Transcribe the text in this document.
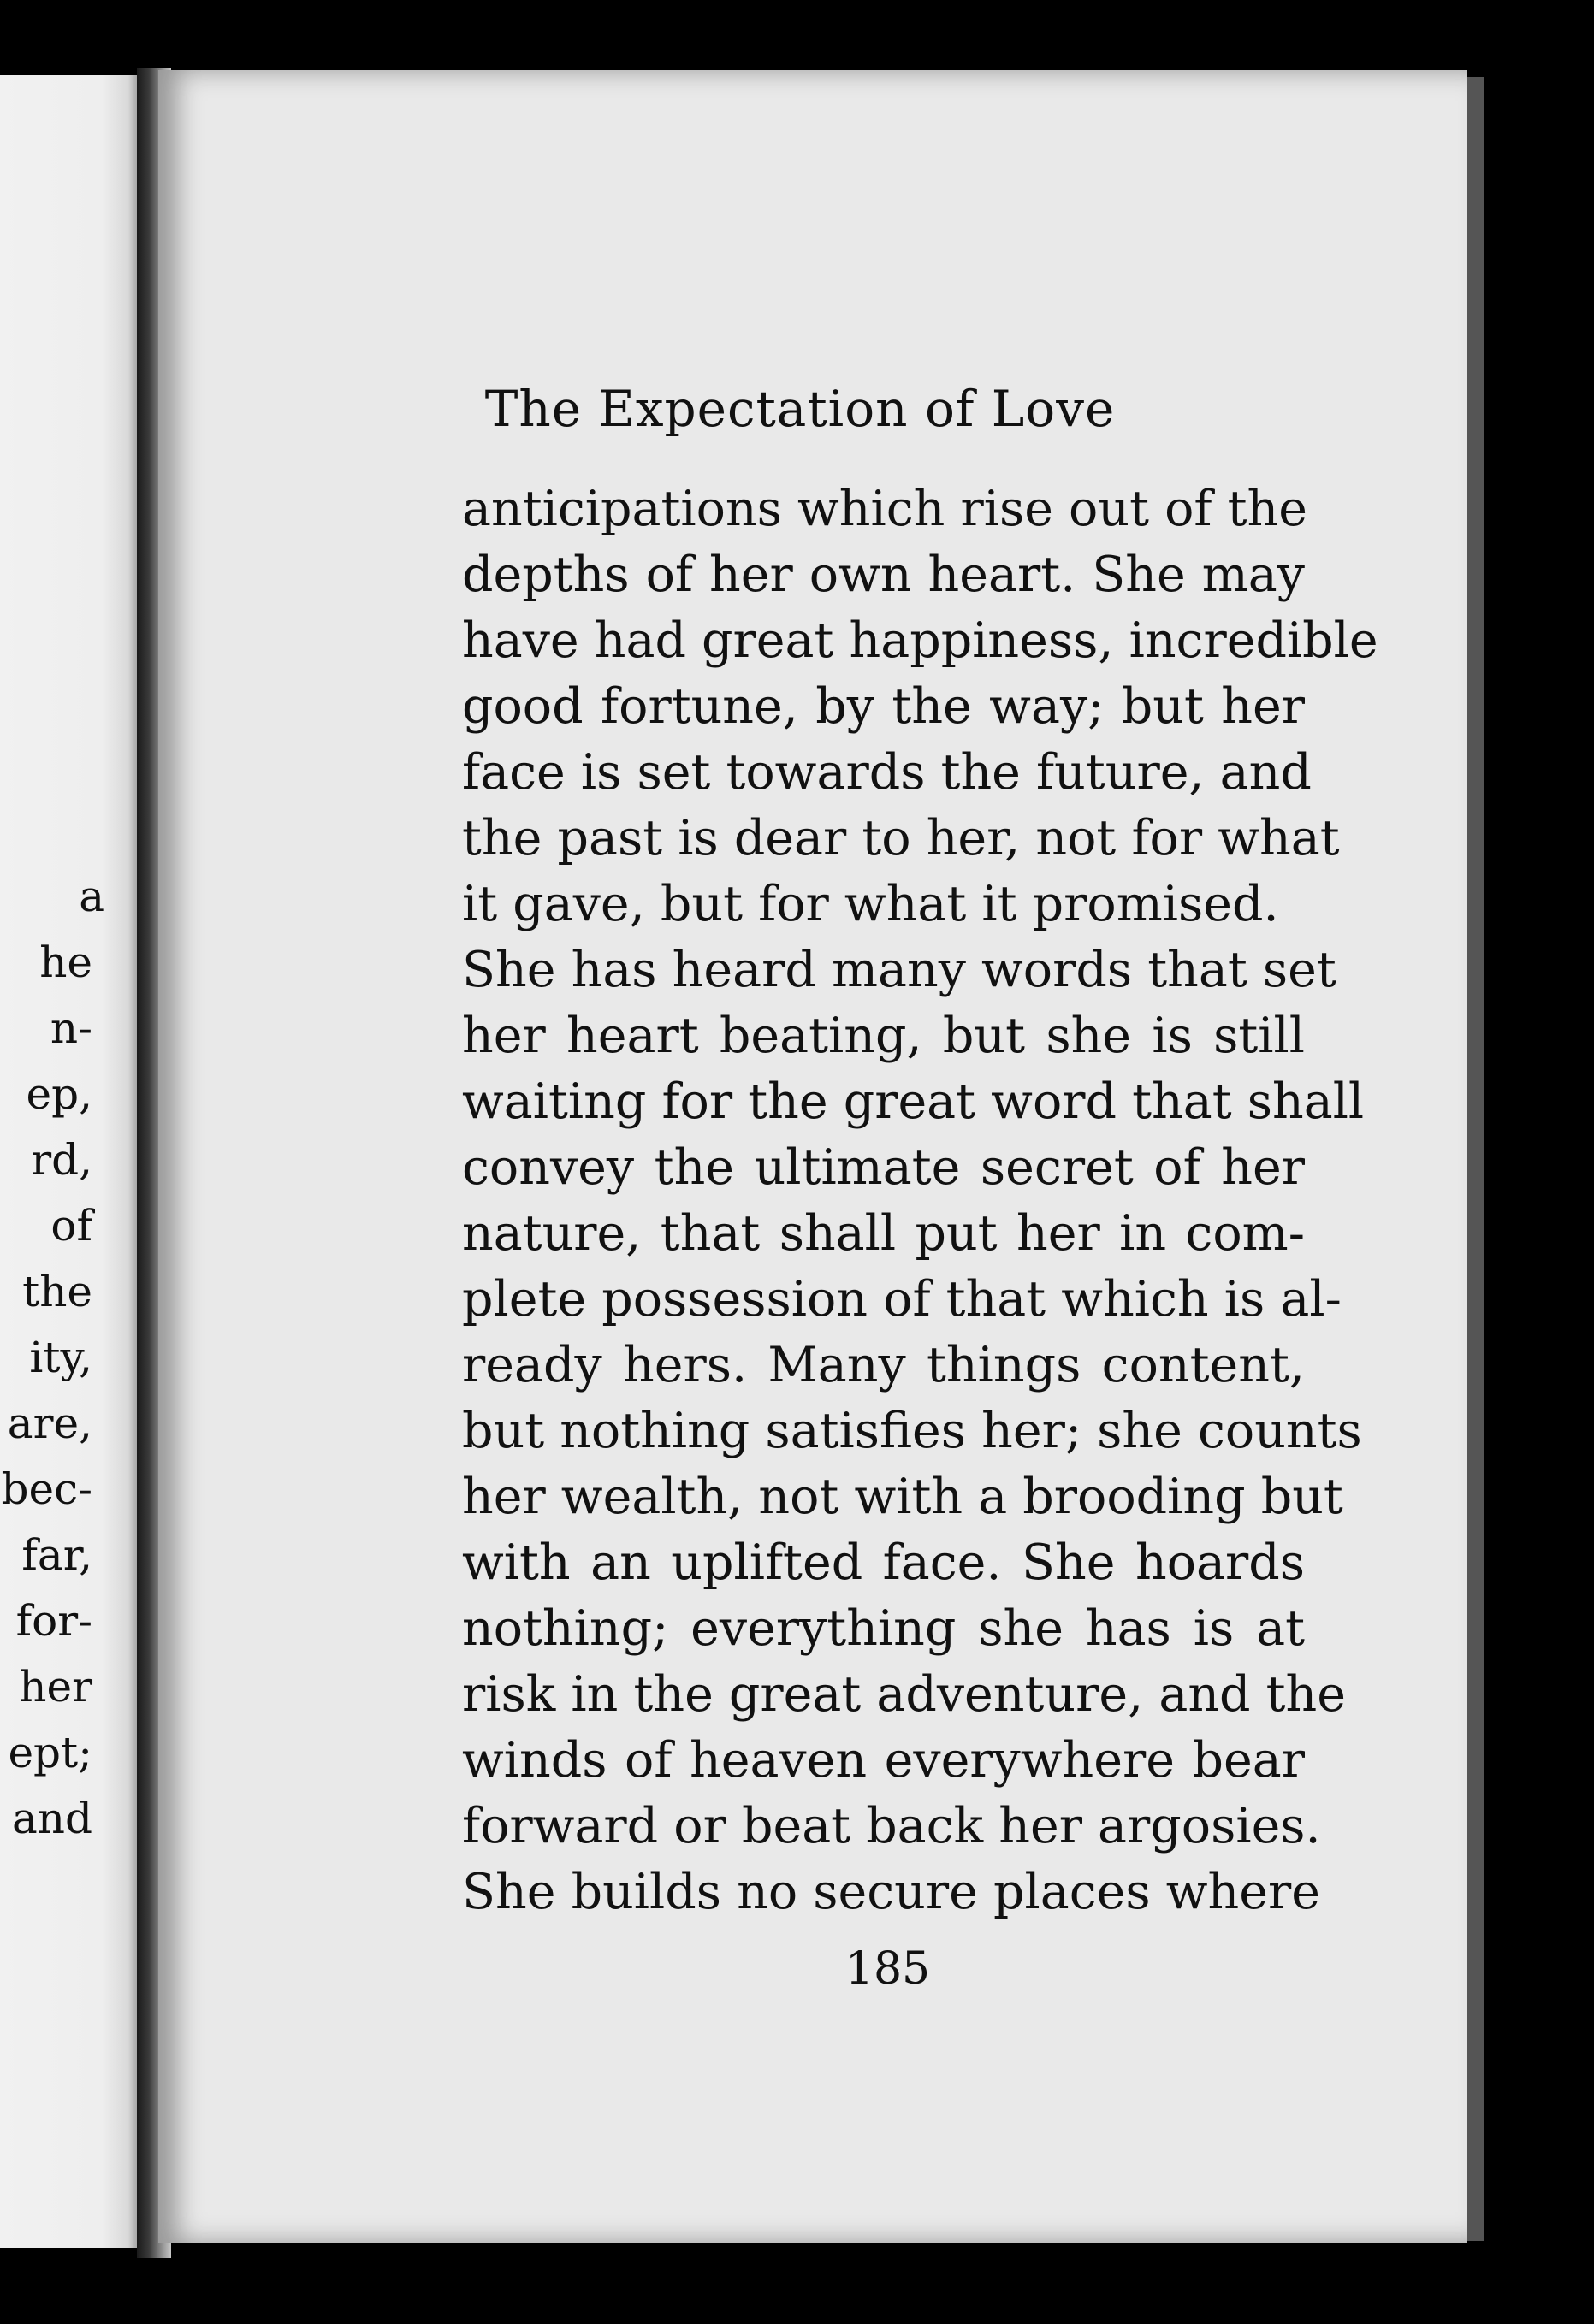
a
he
n-
ep,
rd,
of
the
ity,
are,
bec-
far,
for-
her
ept;
and
The Expectation of Love
anticipations which rise out of the
depths of her own heart. She may
have had great happiness, incredible
good fortune, by the way; but her
face is set towards the future, and
the past is dear to her, not for what
it gave, but for what it promised.
She has heard many words that set
her heart beating, but she is still
waiting for the great word that shall
convey the ultimate secret of her
nature, that shall put her in com-
plete possession of that which is al-
ready hers. Many things content,
but nothing satisfies her; she counts
her wealth, not with a brooding but
with an uplifted face. She hoards
nothing; everything she has is at
risk in the great adventure, and the
winds of heaven everywhere bear
forward or beat back her argosies.
She builds no secure places where
185
